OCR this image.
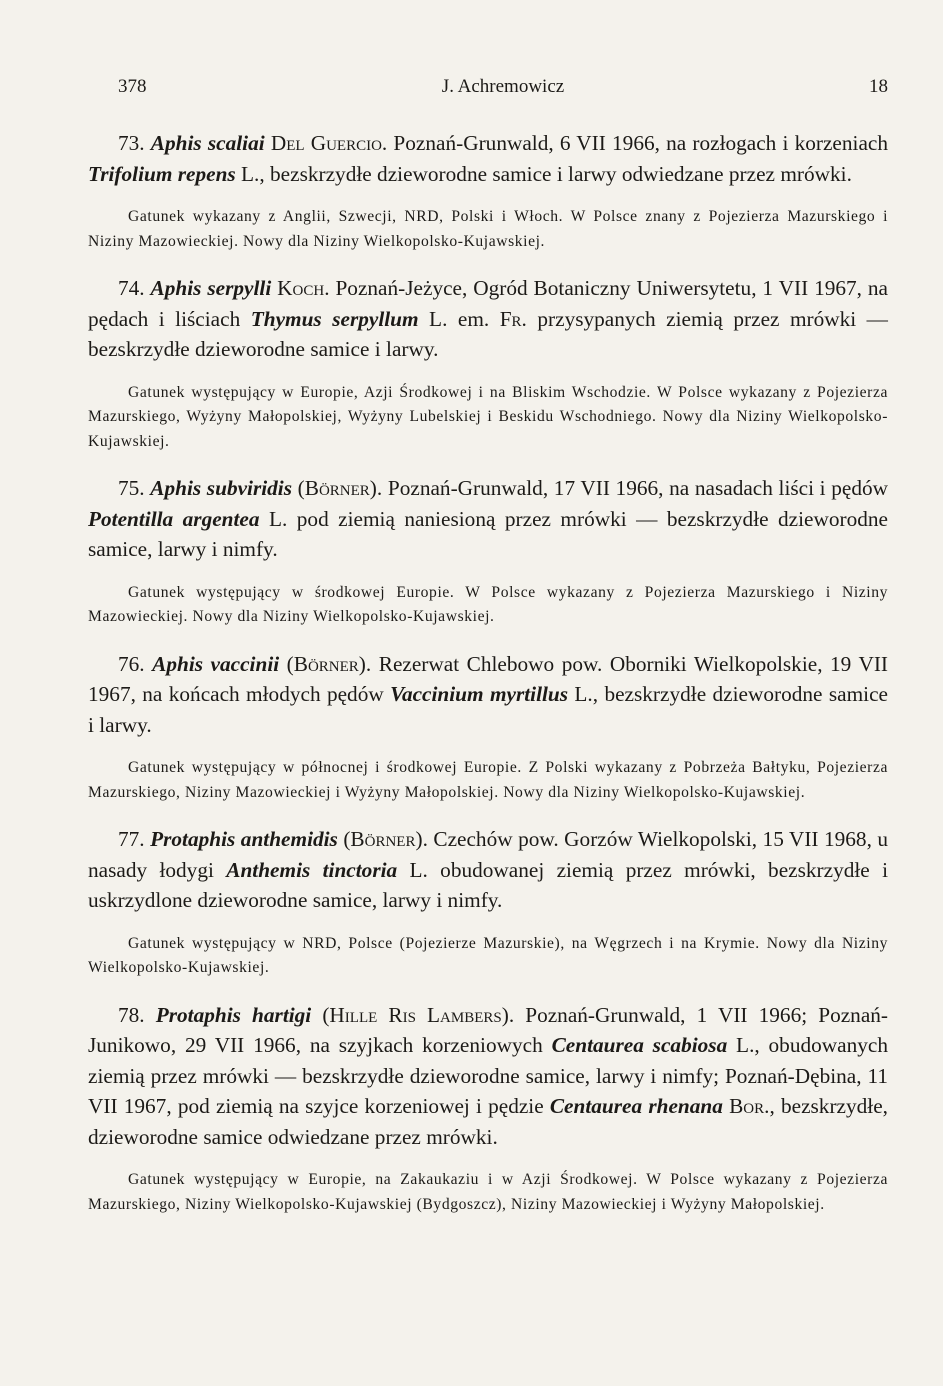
378	J. Achremowicz	18

73. Aphis scaliai Del Guercio. Poznań-Grunwald, 6 VII 1966, na rozłogach i korzeniach Trifolium repens L., bezskrzydłe dzieworodne samice i larwy odwiedzane przez mrówki.

Gatunek wykazany z Anglii, Szwecji, NRD, Polski i Włoch. W Polsce znany z Pojezierza Mazurskiego i Niziny Mazowieckiej. Nowy dla Niziny Wielkopolsko-Kujawskiej.

74. Aphis serpylli Koch. Poznań-Jeżyce, Ogród Botaniczny Uniwersytetu, 1 VII 1967, na pędach i liściach Thymus serpyllum L. em. Fr. przysypanych ziemią przez mrówki — bezskrzydłe dzieworodne samice i larwy.

Gatunek występujący w Europie, Azji Środkowej i na Bliskim Wschodzie. W Polsce wykazany z Pojezierza Mazurskiego, Wyżyny Małopolskiej, Wyżyny Lubelskiej i Beskidu Wschodniego. Nowy dla Niziny Wielkopolsko-Kujawskiej.

75. Aphis subviridis (Börner). Poznań-Grunwald, 17 VII 1966, na nasadach liści i pędów Potentilla argentea L. pod ziemią naniesioną przez mrówki — bezskrzydłe dzieworodne samice, larwy i nimfy.

Gatunek występujący w środkowej Europie. W Polsce wykazany z Pojezierza Mazurskiego i Niziny Mazowieckiej. Nowy dla Niziny Wielkopolsko-Kujawskiej.

76. Aphis vaccinii (Börner). Rezerwat Chlebowo pow. Oborniki Wielkopolskie, 19 VII 1967, na końcach młodych pędów Vaccinium myrtillus L., bezskrzydłe dzieworodne samice i larwy.

Gatunek występujący w północnej i środkowej Europie. Z Polski wykazany z Pobrzeża Bałtyku, Pojezierza Mazurskiego, Niziny Mazowieckiej i Wyżyny Małopolskiej. Nowy dla Niziny Wielkopolsko-Kujawskiej.

77. Protaphis anthemidis (Börner). Czechów pow. Gorzów Wielkopolski, 15 VII 1968, u nasady łodygi Anthemis tinctoria L. obudowanej ziemią przez mrówki, bezskrzydłe i uskrzydlone dzieworodne samice, larwy i nimfy.

Gatunek występujący w NRD, Polsce (Pojezierze Mazurskie), na Węgrzech i na Krymie. Nowy dla Niziny Wielkopolsko-Kujawskiej.

78. Protaphis hartigi (Hille Ris Lambers). Poznań-Grunwald, 1 VII 1966; Poznań-Junikowo, 29 VII 1966, na szyjkach korzeniowych Centaurea scabiosa L., obudowanych ziemią przez mrówki — bezskrzydłe dzieworodne samice, larwy i nimfy; Poznań-Dębina, 11 VII 1967, pod ziemią na szyjce korzeniowej i pędzie Centaurea rhenana Bor., bezskrzydłe, dzieworodne samice odwiedzane przez mrówki.

Gatunek występujący w Europie, na Zakaukaziu i w Azji Środkowej. W Polsce wykazany z Pojezierza Mazurskiego, Niziny Wielkopolsko-Kujawskiej (Bydgoszcz), Niziny Mazowieckiej i Wyżyny Małopolskiej.
